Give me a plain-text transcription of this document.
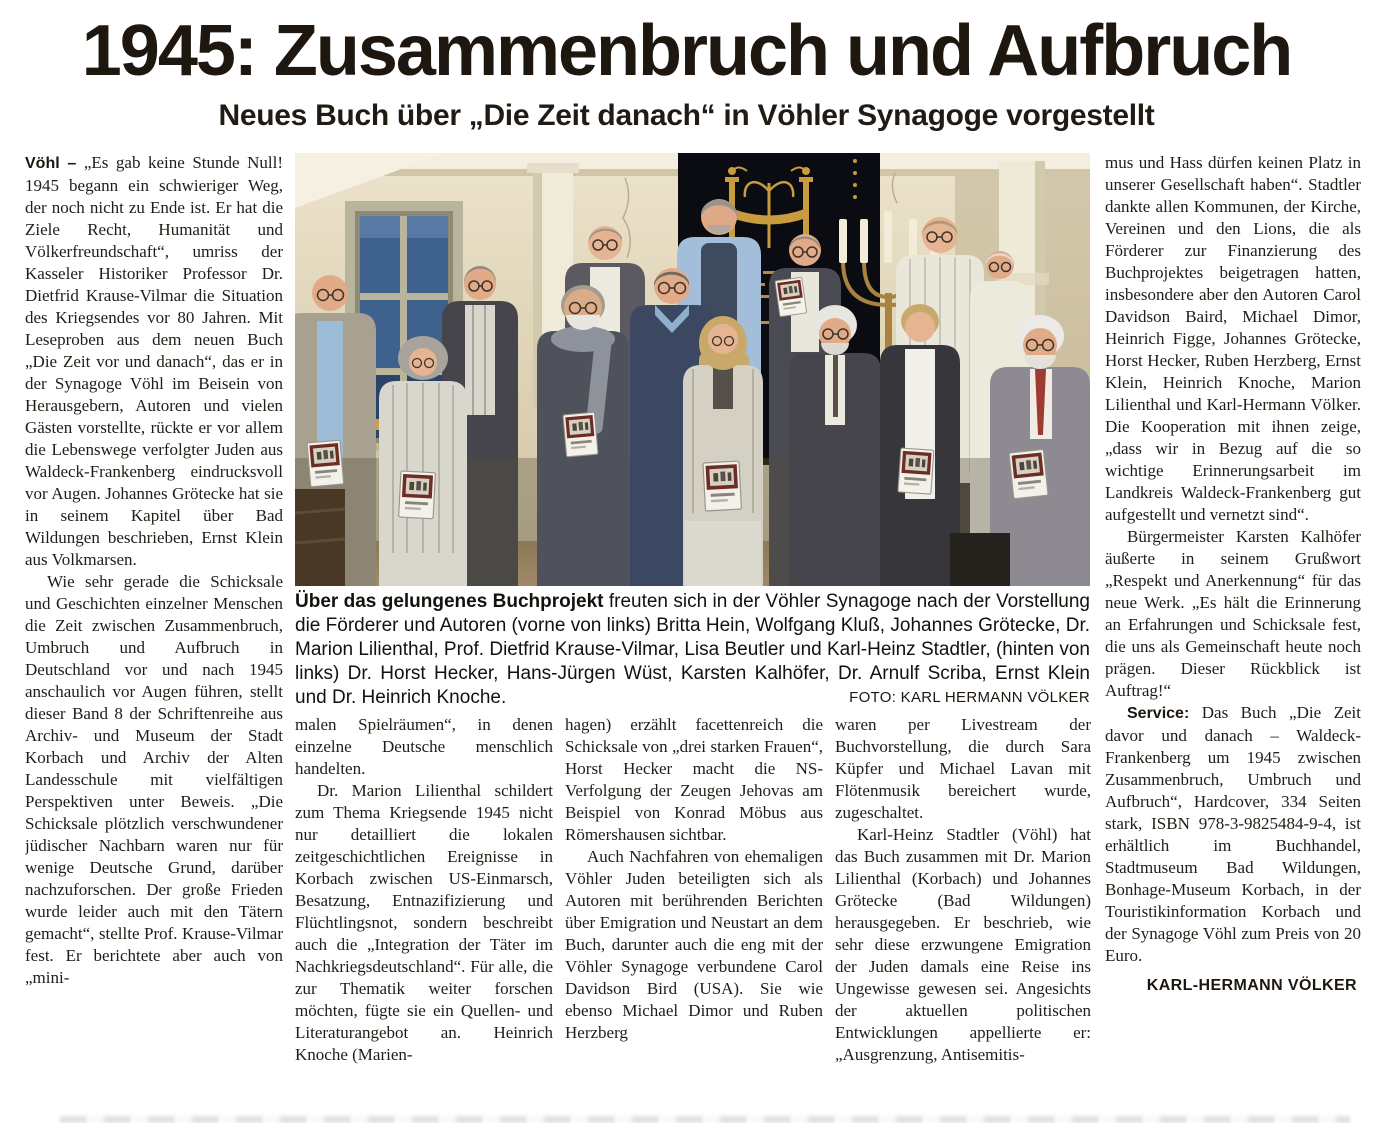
1945: Zusammenbruch und Aufbruch
Neues Buch über „Die Zeit danach“ in Vöhler Synagoge vorgestellt

Vöhl – „Es gab keine Stunde Null! 1945 begann ein schwieriger Weg, der noch nicht zu Ende ist. Er hat die Ziele Recht, Humanität und Völkerfreundschaft“, umriss der Kasseler Historiker Professor Dr. Dietfrid Krause-Vilmar die Situation des Kriegsendes vor 80 Jahren. Mit Leseproben aus dem neuen Buch „Die Zeit vor und danach“, das er in der Synagoge Vöhl im Beisein von Herausgebern, Autoren und vielen Gästen vorstellte, rückte er vor allem die Lebenswege verfolgter Juden aus Waldeck-Frankenberg eindrucksvoll vor Augen. Johannes Grötecke hat sie in seinem Kapitel über Bad Wildungen beschrieben, Ernst Klein aus Volkmarsen.

Wie sehr gerade die Schicksale und Geschichten einzelner Menschen die Zeit zwischen Zusammenbruch, Umbruch und Aufbruch in Deutschland vor und nach 1945 anschaulich vor Augen führen, stellt dieser Band 8 der Schriftenreihe aus Archiv- und Museum der Stadt Korbach und Archiv der Alten Landesschule mit vielfältigen Perspektiven unter Beweis. „Die Schicksale plötzlich verschwundener jüdischer Nachbarn waren nur für wenige Deutsche Grund, darüber nachzuforschen. Der große Frieden wurde leider auch mit den Tätern gemacht“, stellte Prof. Krause-Vilmar fest. Er berichtete aber auch von „mini-

Über das gelungenes Buchprojekt freuten sich in der Vöhler Synagoge nach der Vorstellung die Förderer und Autoren (vorne von links) Britta Hein, Wolfgang Kluß, Johannes Grötecke, Dr. Marion Lilienthal, Prof. Dietfrid Krause-Vilmar, Lisa Beutler und Karl-Heinz Stadtler, (hinten von links) Dr. Horst Hecker, Hans-Jürgen Wüst, Karsten Kalhöfer, Dr. Arnulf Scriba, Ernst Klein und Dr. Heinrich Knoche.	FOTO: KARL HERMANN VÖLKER

malen Spielräumen“, in denen einzelne Deutsche menschlich handelten.

Dr. Marion Lilienthal schildert zum Thema Kriegsende 1945 nicht nur detailliert die lokalen zeitgeschichtlichen Ereignisse in Korbach zwischen US-Einmarsch, Besatzung, Entnazifizierung und Flüchtlingsnot, sondern beschreibt auch die „Integration der Täter im Nachkriegsdeutschland“. Für alle, die zur Thematik weiter forschen möchten, fügte sie ein Quellen- und Literaturangebot an. Heinrich Knoche (Marien-

hagen) erzählt facettenreich die Schicksale von „drei starken Frauen“, Horst Hecker macht die NS-Verfolgung der Zeugen Jehovas am Beispiel von Konrad Möbus aus Römershausen sichtbar.

Auch Nachfahren von ehemaligen Vöhler Juden beteiligten sich als Autoren mit berührenden Berichten über Emigration und Neustart an dem Buch, darunter auch die eng mit der Vöhler Synagoge verbundene Carol Davidson Bird (USA). Sie wie ebenso Michael Dimor und Ruben Herzberg

waren per Livestream der Buchvorstellung, die durch Sara Küpfer und Michael Lavan mit Flötenmusik bereichert wurde, zugeschaltet.

Karl-Heinz Stadtler (Vöhl) hat das Buch zusammen mit Dr. Marion Lilienthal (Korbach) und Johannes Grötecke (Bad Wildungen) herausgegeben. Er beschrieb, wie sehr diese erzwungene Emigration der Juden damals eine Reise ins Ungewisse gewesen sei. Angesichts der aktuellen politischen Entwicklungen appellierte er: „Ausgrenzung, Antisemitis-

mus und Hass dürfen keinen Platz in unserer Gesellschaft haben“. Stadtler dankte allen Kommunen, der Kirche, Vereinen und den Lions, die als Förderer zur Finanzierung des Buchprojektes beigetragen hatten, insbesondere aber den Autoren Carol Davidson Baird, Michael Dimor, Heinrich Figge, Johannes Grötecke, Horst Hecker, Ruben Herzberg, Ernst Klein, Heinrich Knoche, Marion Lilienthal und Karl-Hermann Völker. Die Kooperation mit ihnen zeige, „dass wir in Bezug auf die so wichtige Erinnerungsarbeit im Landkreis Waldeck-Frankenberg gut aufgestellt und vernetzt sind“.

Bürgermeister Karsten Kalhöfer äußerte in seinem Grußwort „Respekt und Anerkennung“ für das neue Werk. „Es hält die Erinnerung an Erfahrungen und Schicksale fest, die uns als Gemeinschaft heute noch prägen. Dieser Rückblick ist Auftrag!“

Service: Das Buch „Die Zeit davor und danach – Waldeck-Frankenberg um 1945 zwischen Zusammenbruch, Umbruch und Aufbruch“, Hardcover, 334 Seiten stark, ISBN 978-3-9825484-9-4, ist erhältlich im Buchhandel, Stadtmuseum Bad Wildungen, Bonhage-Museum Korbach, in der Touristikinformation Korbach und der Synagoge Vöhl zum Preis von 20 Euro.

KARL-HERMANN VÖLKER
